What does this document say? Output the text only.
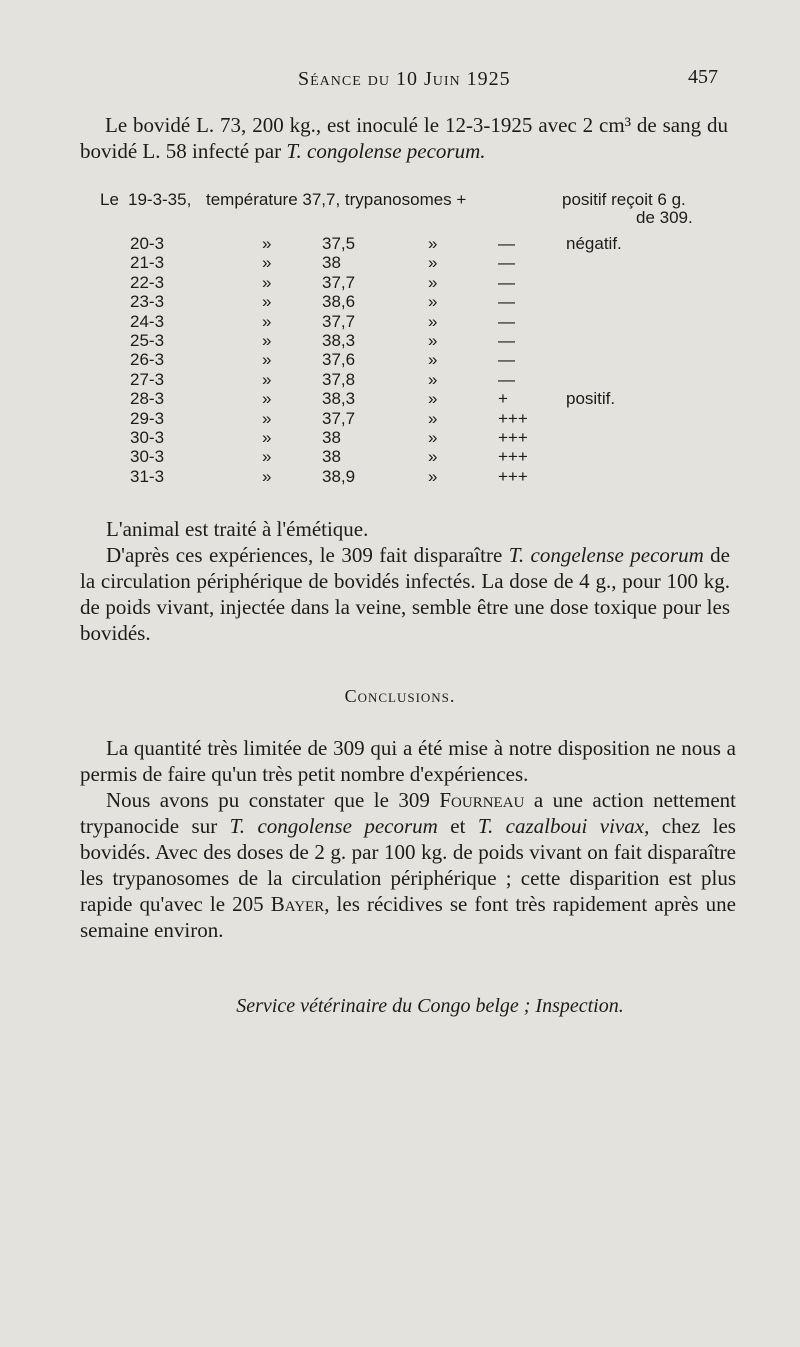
Séance du 10 Juin 1925	457
Le bovidé L. 73, 200 kg., est inoculé le 12-3-1925 avec 2 cm³ de sang du bovidé L. 58 infecté par T. congolense pecorum.
Le 19-3-35, température 37,7, trypanosomes +	positif reçoit 6 g.
de 309.
20-3	»	37,5	»	—	négatif.
21-3	»	38	»	—
22-3	»	37,7	»	—
23-3	»	38,6	»	—
24-3	»	37,7	»	—
25-3	»	38,3	»	—
26-3	»	37,6	»	—
27-3	»	37,8	»	—
28-3	»	38,3	»	+	positif.
29-3	»	37,7	»	+++
30-3	»	38	»	+++
30-3	»	38	»	+++
31-3	»	38,9	»	+++

L'animal est traité à l'émétique.

D'après ces expériences, le 309 fait disparaître T. congelense pecorum de la circulation périphérique de bovidés infectés. La dose de 4 g., pour 100 kg. de poids vivant, injectée dans la veine, semble être une dose toxique pour les bovidés.

Conclusions.

La quantité très limitée de 309 qui a été mise à notre disposition ne nous a permis de faire qu'un très petit nombre d'expériences.

Nous avons pu constater que le 309 Fourneau a une action nettement trypanocide sur T. congolense pecorum et T. cazalboui vivax, chez les bovidés. Avec des doses de 2 g. par 100 kg. de poids vivant on fait disparaître les trypanosomes de la circulation périphérique ; cette disparition est plus rapide qu'avec le 205 Bayer, les récidives se font très rapidement après une semaine environ.

Service vétérinaire du Congo belge ; Inspection.
